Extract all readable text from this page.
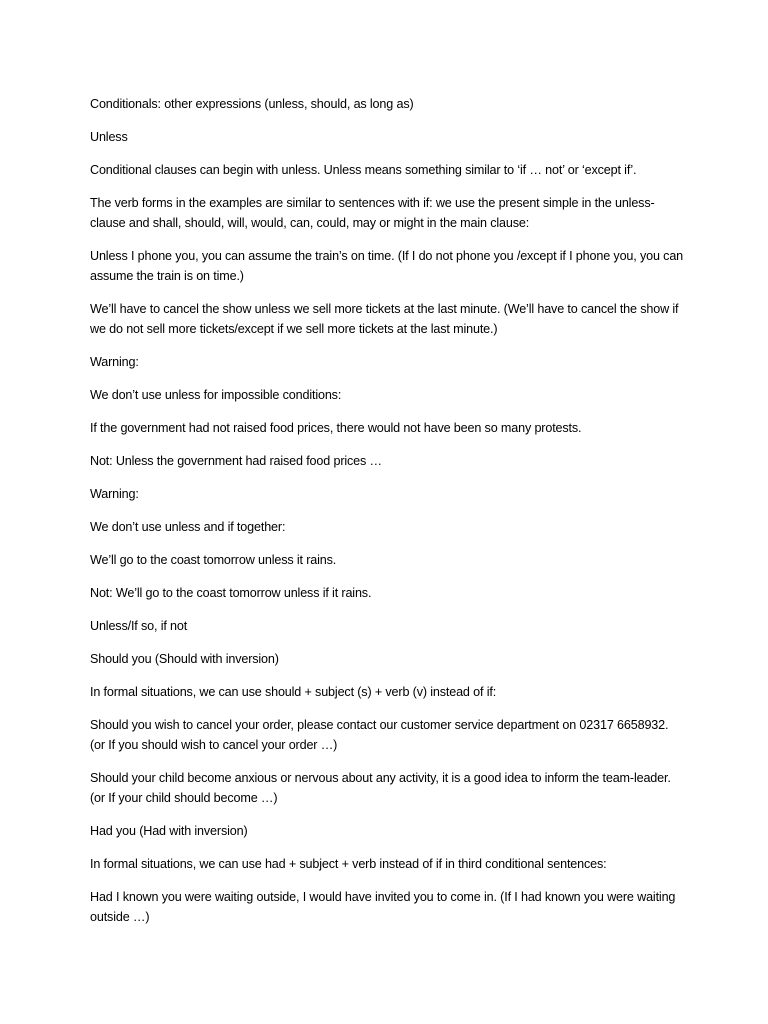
Conditionals: other expressions (unless, should, as long as)

Unless

Conditional clauses can begin with unless. Unless means something similar to ‘if … not’ or ‘except if’.

The verb forms in the examples are similar to sentences with if: we use the present simple in the unless-clause and shall, should, will, would, can, could, may or might in the main clause:

Unless I phone you, you can assume the train’s on time. (If I do not phone you /except if I phone you, you can assume the train is on time.)

We’ll have to cancel the show unless we sell more tickets at the last minute. (We’ll have to cancel the show if we do not sell more tickets/except if we sell more tickets at the last minute.)

Warning:

We don’t use unless for impossible conditions:

If the government had not raised food prices, there would not have been so many protests.

Not: Unless the government had raised food prices …

Warning:

We don’t use unless and if together:

We’ll go to the coast tomorrow unless it rains.

Not: We’ll go to the coast tomorrow unless if it rains.

Unless/If so, if not

Should you (Should with inversion)

In formal situations, we can use should + subject (s) + verb (v) instead of if:

Should you wish to cancel your order, please contact our customer service department on 02317 6658932. (or If you should wish to cancel your order …)

Should your child become anxious or nervous about any activity, it is a good idea to inform the team-leader. (or If your child should become …)

Had you (Had with inversion)

In formal situations, we can use had + subject + verb instead of if in third conditional sentences:

Had I known you were waiting outside, I would have invited you to come in. (If I had known you were waiting outside …)
